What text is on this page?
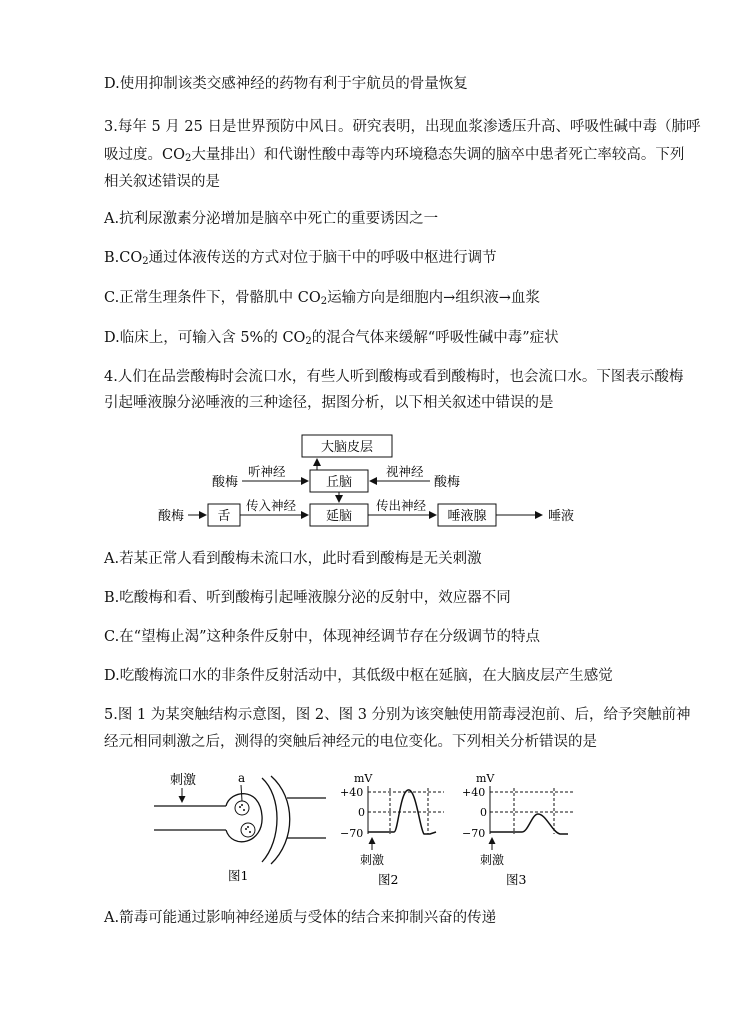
D.使用抑制该类交感神经的药物有利于宇航员的骨量恢复
3.每年 5 月 25 日是世界预防中风日。研究表明，出现血浆渗透压升高、呼吸性碱中毒（肺呼
吸过度。$CO_2$大量排出）和代谢性酸中毒等内环境稳态失调的脑卒中患者死亡率较高。下列
相关叙述错误的是
A.抗利尿激素分泌增加是脑卒中死亡的重要诱因之一
$B.CO_2$通过体液传送的方式对位于脑干中的呼吸中枢进行调节
C.正常生理条件下，骨骼肌中 $CO_2$运输方向是细胞内→组织液→血浆
D.临床上，可输入含 5%的 $CO_2$的混合气体来缓解“呼吸性碱中毒”症状
4.人们在品尝酸梅时会流口水，有些人听到酸梅或看到酸梅时，也会流口水。下图表示酸梅
引起唾液腺分泌唾液的三种途径，据图分析，以下相关叙述中错误的是
大脑皮层
丘脑
延脑
舌	唾液腺
酸梅
听神经
酸梅
视神经
酸梅
传入神经	传出神经
唾液
A.若某正常人看到酸梅未流口水，此时看到酸梅是无关刺激
B.吃酸梅和看、听到酸梅引起唾液腺分泌的反射中，效应器不同
C.在“望梅止渴”这种条件反射中，体现神经调节存在分级调节的特点
D.吃酸梅流口水的非条件反射活动中，其低级中枢在延脑，在大脑皮层产生感觉
5.图 1 为某突触结构示意图，图 2、图 3 分别为该突触使用箭毒浸泡前、后，给予突触前神
经元相同刺激之后，测得的突触后神经元的电位变化。下列相关分析错误的是
刺激	a
图1
mV
+40
0
−70
刺激
图2
mV
+40
0
−70
刺激
图3
A.箭毒可能通过影响神经递质与受体的结合来抑制兴奋的传递
